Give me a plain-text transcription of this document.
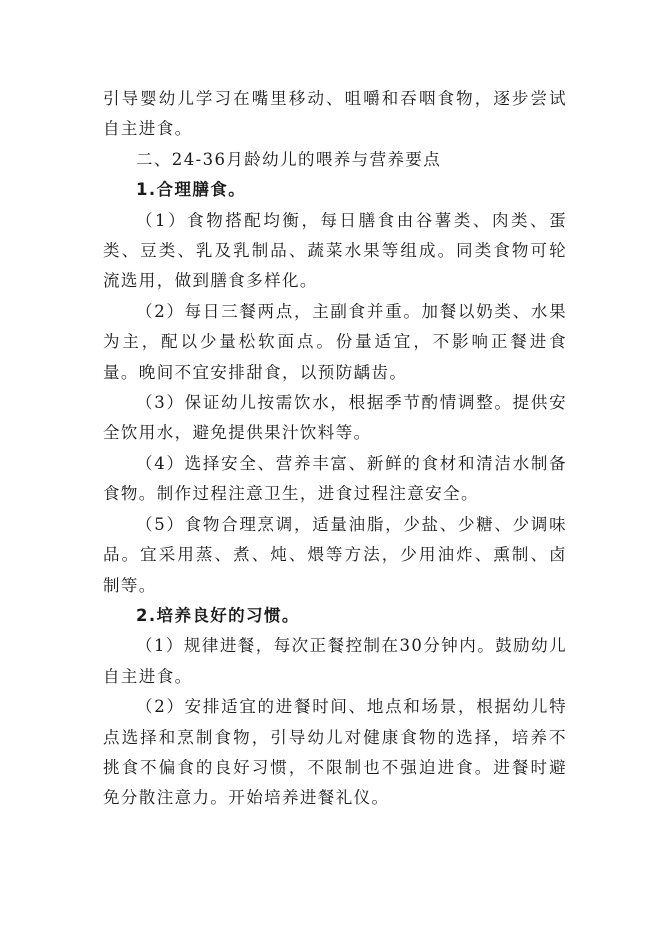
引导婴幼儿学习在嘴里移动、咀嚼和吞咽食物，逐步尝试自主进食。

二、24-36月龄幼儿的喂养与营养要点

1.合理膳食。

（1）食物搭配均衡，每日膳食由谷薯类、肉类、蛋类、豆类、乳及乳制品、蔬菜水果等组成。同类食物可轮流选用，做到膳食多样化。

（2）每日三餐两点，主副食并重。加餐以奶类、水果为主，配以少量松软面点。份量适宜，不影响正餐进食量。晚间不宜安排甜食，以预防龋齿。

（3）保证幼儿按需饮水，根据季节酌情调整。提供安全饮用水，避免提供果汁饮料等。

（4）选择安全、营养丰富、新鲜的食材和清洁水制备食物。制作过程注意卫生，进食过程注意安全。

（5）食物合理烹调，适量油脂，少盐、少糖、少调味品。宜采用蒸、煮、炖、煨等方法，少用油炸、熏制、卤制等。

2.培养良好的习惯。

（1）规律进餐，每次正餐控制在30分钟内。鼓励幼儿自主进食。

（2）安排适宜的进餐时间、地点和场景，根据幼儿特点选择和烹制食物，引导幼儿对健康食物的选择，培养不挑食不偏食的良好习惯，不限制也不强迫进食。进餐时避免分散注意力。开始培养进餐礼仪。
